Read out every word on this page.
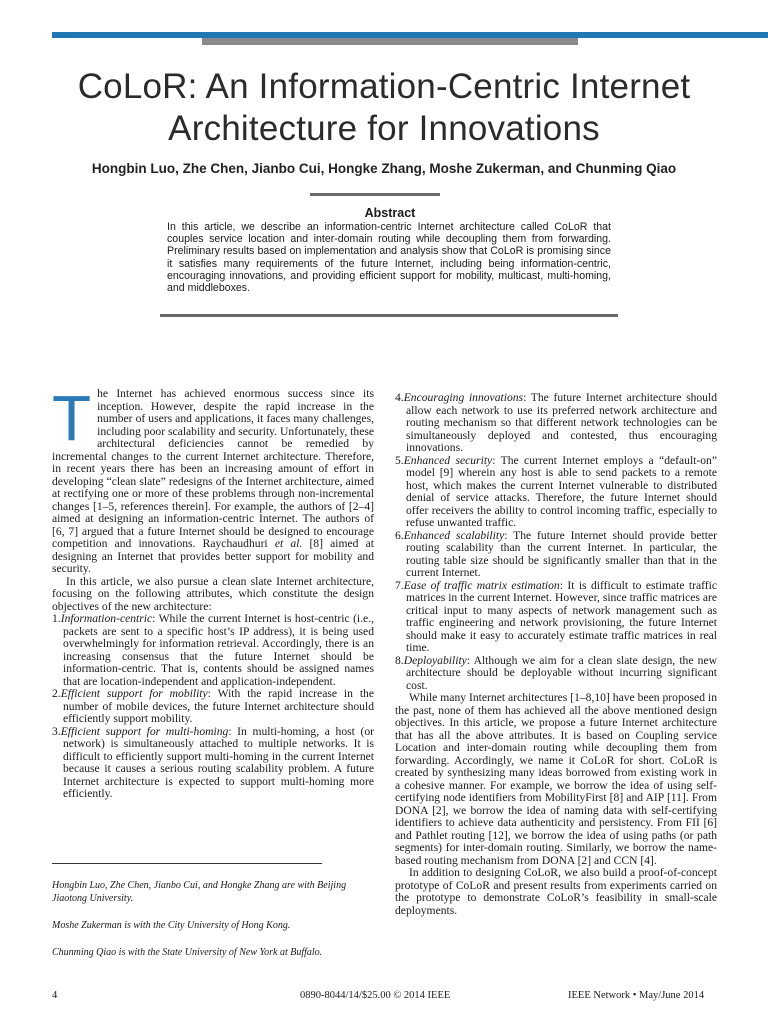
CoLoR: An Information-Centric Internet
Architecture for Innovations
Hongbin Luo, Zhe Chen, Jianbo Cui, Hongke Zhang, Moshe Zukerman, and Chunming Qiao
Abstract
In this article, we describe an information-centric Internet architecture called CoLoR that couples service location and inter-domain routing while decoupling them from forwarding. Preliminary results based on implementation and analysis show that CoLoR is promising since it satisfies many requirements of the future Internet, including being information-centric, encouraging innovations, and providing efficient support for mobility, multicast, multi-homing, and middleboxes.

The Internet has achieved enormous success since its inception. However, despite the rapid increase in the number of users and applications, it faces many challenges, including poor scalability and security. Unfortunately, these architectural deficiencies cannot be remedied by incremental changes to the current Internet architecture. Therefore, in recent years there has been an increasing amount of effort in developing “clean slate” redesigns of the Internet architecture, aimed at rectifying one or more of these problems through non-incremental changes [1–5, references therein]. For example, the authors of [2–4] aimed at designing an information-centric Internet. The authors of [6, 7] argued that a future Internet should be designed to encourage competition and innovations. Raychaudhuri et al. [8] aimed at designing an Internet that provides better support for mobility and security.

In this article, we also pursue a clean slate Internet architecture, focusing on the following attributes, which constitute the design objectives of the new architecture:

1.Information-centric: While the current Internet is host-centric (i.e., packets are sent to a specific host’s IP address), it is being used overwhelmingly for information retrieval. Accordingly, there is an increasing consensus that the future Internet should be information-centric. That is, contents should be assigned names that are location-independent and application-independent.

2.Efficient support for mobility: With the rapid increase in the number of mobile devices, the future Internet architecture should efficiently support mobility.

3.Efficient support for multi-homing: In multi-homing, a host (or network) is simultaneously attached to multiple networks. It is difficult to efficiently support multi-homing in the current Internet because it causes a serious routing scalability problem. A future Internet architecture is expected to support multi-homing more efficiently.

4.Encouraging innovations: The future Internet architecture should allow each network to use its preferred network architecture and routing mechanism so that different network technologies can be simultaneously deployed and contested, thus encouraging innovations.

5.Enhanced security: The current Internet employs a “default-on” model [9] wherein any host is able to send packets to a remote host, which makes the current Internet vulnerable to distributed denial of service attacks. Therefore, the future Internet should offer receivers the ability to control incoming traffic, especially to refuse unwanted traffic.

6.Enhanced scalability: The future Internet should provide better routing scalability than the current Internet. In particular, the routing table size should be significantly smaller than that in the current Internet.

7.Ease of traffic matrix estimation: It is difficult to estimate traffic matrices in the current Internet. However, since traffic matrices are critical input to many aspects of network management such as traffic engineering and network provisioning, the future Internet should make it easy to accurately estimate traffic matrices in real time.

8.Deployability: Although we aim for a clean slate design, the new architecture should be deployable without incurring significant cost.

While many Internet architectures [1–8,10] have been proposed in the past, none of them has achieved all the above mentioned design objectives. In this article, we propose a future Internet architecture that has all the above attributes. It is based on Coupling service Location and inter-domain routing while decoupling them from forwarding. Accordingly, we name it CoLoR for short. CoLoR is created by synthesizing many ideas borrowed from existing work in a cohesive manner. For example, we borrow the idea of using self-certifying node identifiers from MobilityFirst [8] and AIP [11]. From DONA [2], we borrow the idea of naming data with self-certifying identifiers to achieve data authenticity and persistency. From FII [6] and Pathlet routing [12], we borrow the idea of using paths (or path segments) for inter-domain routing. Similarly, we borrow the name-based routing mechanism from DONA [2] and CCN [4].

In addition to designing CoLoR, we also build a proof-of-concept prototype of CoLoR and present results from experiments carried on the prototype to demonstrate CoLoR’s feasibility in small-scale deployments.

Hongbin Luo, Zhe Chen, Jianbo Cui, and Hongke Zhang are with Beijing Jiaotong University.
Moshe Zukerman is with the City University of Hong Kong.
Chunming Qiao is with the State University of New York at Buffalo.
4	0890-8044/14/$25.00 © 2014 IEEE	IEEE Network • May/June 2014
